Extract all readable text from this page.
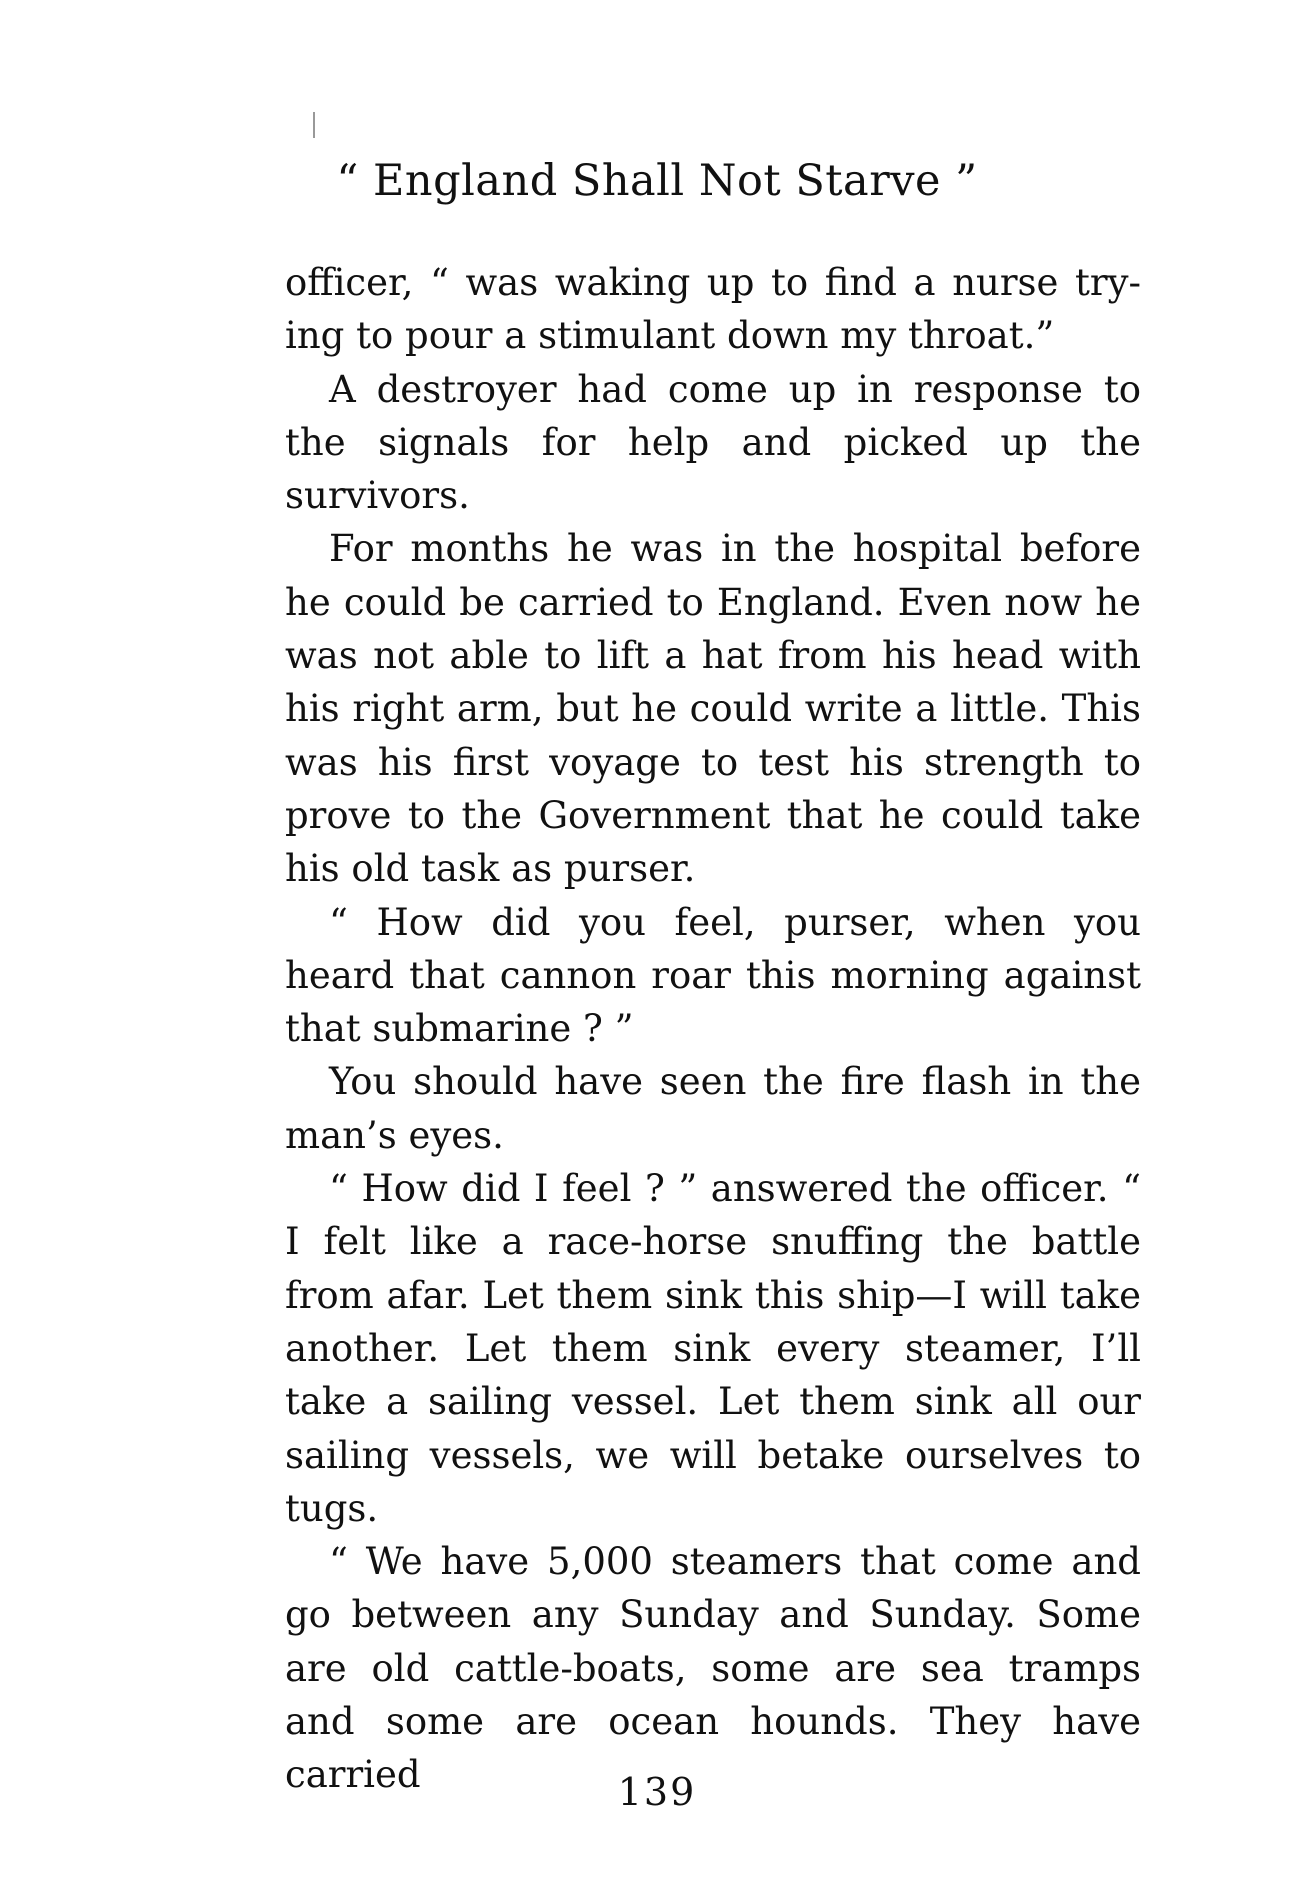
“ England Shall Not Starve ”

officer, “ was waking up to find a nurse try-ing to pour a stimulant down my throat.”

A destroyer had come up in response to the signals for help and picked up the survivors.

For months he was in the hospital before he could be carried to England. Even now he was not able to lift a hat from his head with his right arm, but he could write a little. This was his first voyage to test his strength to prove to the Government that he could take his old task as purser.

“ How did you feel, purser, when you heard that cannon roar this morning against that submarine ? ”

You should have seen the fire flash in the man’s eyes.

“ How did I feel ? ” answered the officer. “ I felt like a race-horse snuffing the battle from afar. Let them sink this ship—I will take another. Let them sink every steamer, I’ll take a sailing vessel. Let them sink all our sailing vessels, we will betake ourselves to tugs.

“ We have 5,000 steamers that come and go between any Sunday and Sunday. Some are old cattle-boats, some are sea tramps and some are ocean hounds. They have carried	139
